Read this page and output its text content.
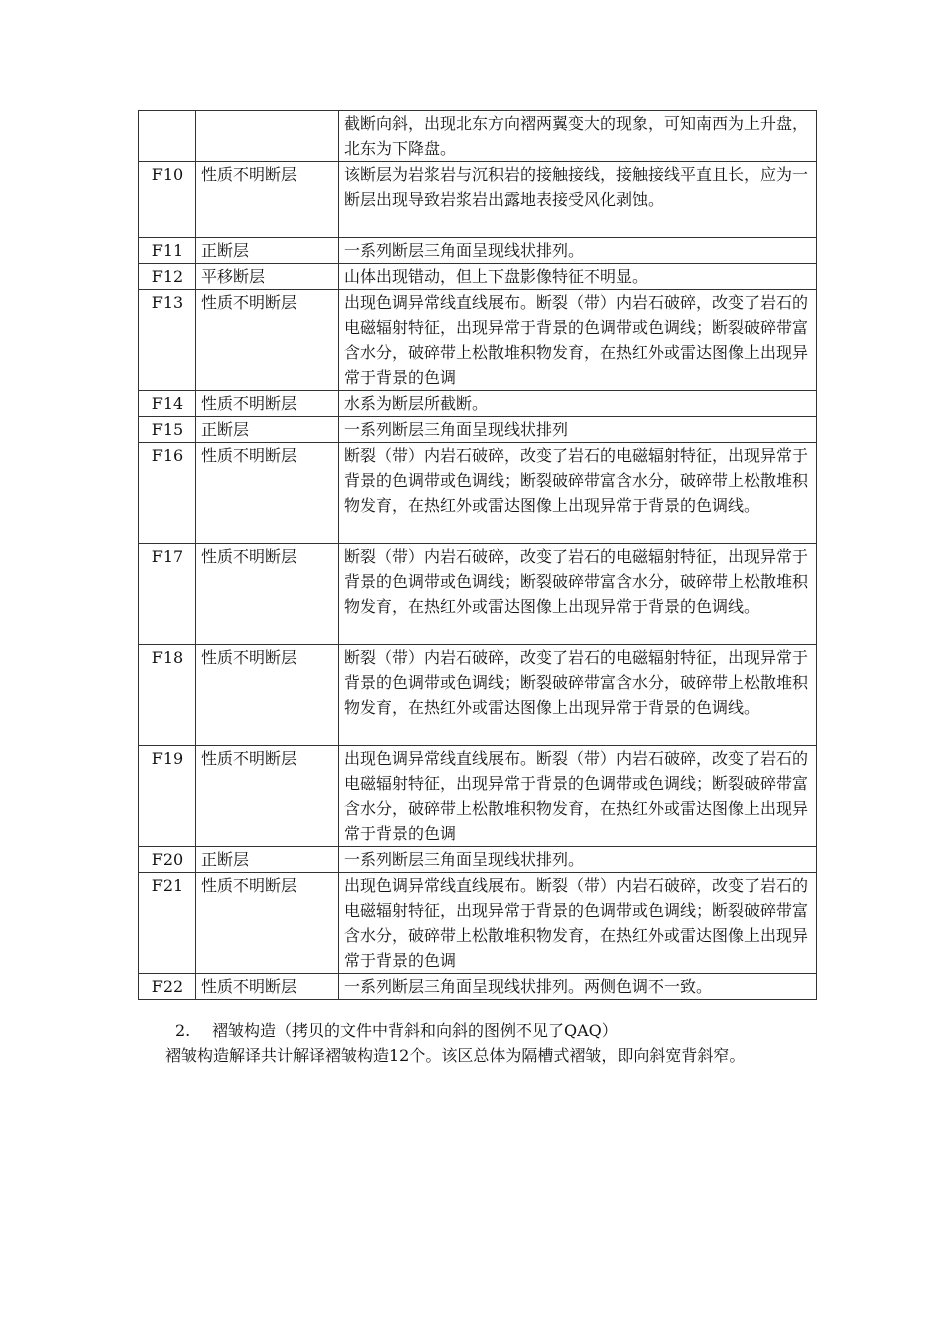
		截断向斜，出现北东方向褶两翼变大的现象，可知南西为上升盘，北东为下降盘。
F10	性质不明断层	该断层为岩浆岩与沉积岩的接触接线，接触接线平直且长，应为一断层出现导致岩浆岩出露地表接受风化剥蚀。
F11	正断层	一系列断层三角面呈现线状排列。
F12	平移断层	山体出现错动，但上下盘影像特征不明显。
F13	性质不明断层	出现色调异常线直线展布。断裂（带）内岩石破碎，改变了岩石的电磁辐射特征，出现异常于背景的色调带或色调线；断裂破碎带富含水分，破碎带上松散堆积物发育，在热红外或雷达图像上出现异常于背景的色调
F14	性质不明断层	水系为断层所截断。
F15	正断层	一系列断层三角面呈现线状排列
F16	性质不明断层	断裂（带）内岩石破碎，改变了岩石的电磁辐射特征，出现异常于背景的色调带或色调线；断裂破碎带富含水分，破碎带上松散堆积物发育，在热红外或雷达图像上出现异常于背景的色调线。
F17	性质不明断层	断裂（带）内岩石破碎，改变了岩石的电磁辐射特征，出现异常于背景的色调带或色调线；断裂破碎带富含水分，破碎带上松散堆积物发育，在热红外或雷达图像上出现异常于背景的色调线。
F18	性质不明断层	断裂（带）内岩石破碎，改变了岩石的电磁辐射特征，出现异常于背景的色调带或色调线；断裂破碎带富含水分，破碎带上松散堆积物发育，在热红外或雷达图像上出现异常于背景的色调线。
F19	性质不明断层	出现色调异常线直线展布。断裂（带）内岩石破碎，改变了岩石的电磁辐射特征，出现异常于背景的色调带或色调线；断裂破碎带富含水分，破碎带上松散堆积物发育，在热红外或雷达图像上出现异常于背景的色调
F20	正断层	一系列断层三角面呈现线状排列。
F21	性质不明断层	出现色调异常线直线展布。断裂（带）内岩石破碎，改变了岩石的电磁辐射特征，出现异常于背景的色调带或色调线；断裂破碎带富含水分，破碎带上松散堆积物发育，在热红外或雷达图像上出现异常于背景的色调
F22	性质不明断层	一系列断层三角面呈现线状排列。两侧色调不一致。
2.	褶皱构造（拷贝的文件中背斜和向斜的图例不见了QAQ）

褶皱构造解译共计解译褶皱构造12个。该区总体为隔槽式褶皱，即向斜宽背斜窄。
